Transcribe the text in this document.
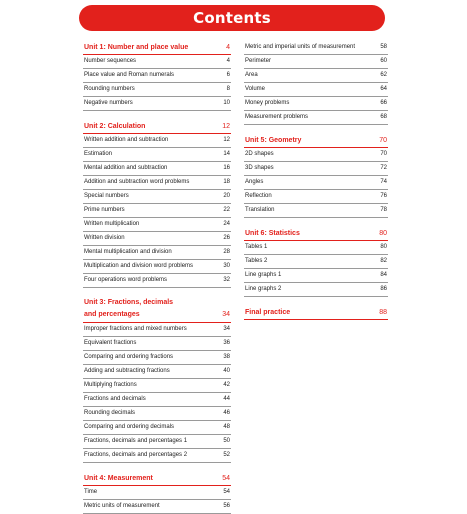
Contents
Unit 1: Number and place value	4
Number sequences	4
Place value and Roman numerals	6
Rounding numbers	8
Negative numbers	10
Unit 2: Calculation	12
Written addition and subtraction	12
Estimation	14
Mental addition and subtraction	16
Addition and subtraction word problems	18
Special numbers	20
Prime numbers	22
Written multiplication	24
Written division	26
Mental multiplication and division	28
Multiplication and division word problems	30
Four operations word problems	32
Unit 3: Fractions, decimals
and percentages	34
Improper fractions and mixed numbers	34
Equivalent fractions	36
Comparing and ordering fractions	38
Adding and subtracting fractions	40
Multiplying fractions	42
Fractions and decimals	44
Rounding decimals	46
Comparing and ordering decimals	48
Fractions, decimals and percentages 1	50
Fractions, decimals and percentages 2	52
Unit 4: Measurement	54
Time	54
Metric units of measurement	56
Metric and imperial units of measurement	58
Perimeter	60
Area	62
Volume	64
Money problems	66
Measurement problems	68
Unit 5: Geometry	70
2D shapes	70
3D shapes	72
Angles	74
Reflection	76
Translation	78
Unit 6: Statistics	80
Tables 1	80
Tables 2	82
Line graphs 1	84
Line graphs 2	86
Final practice	88
